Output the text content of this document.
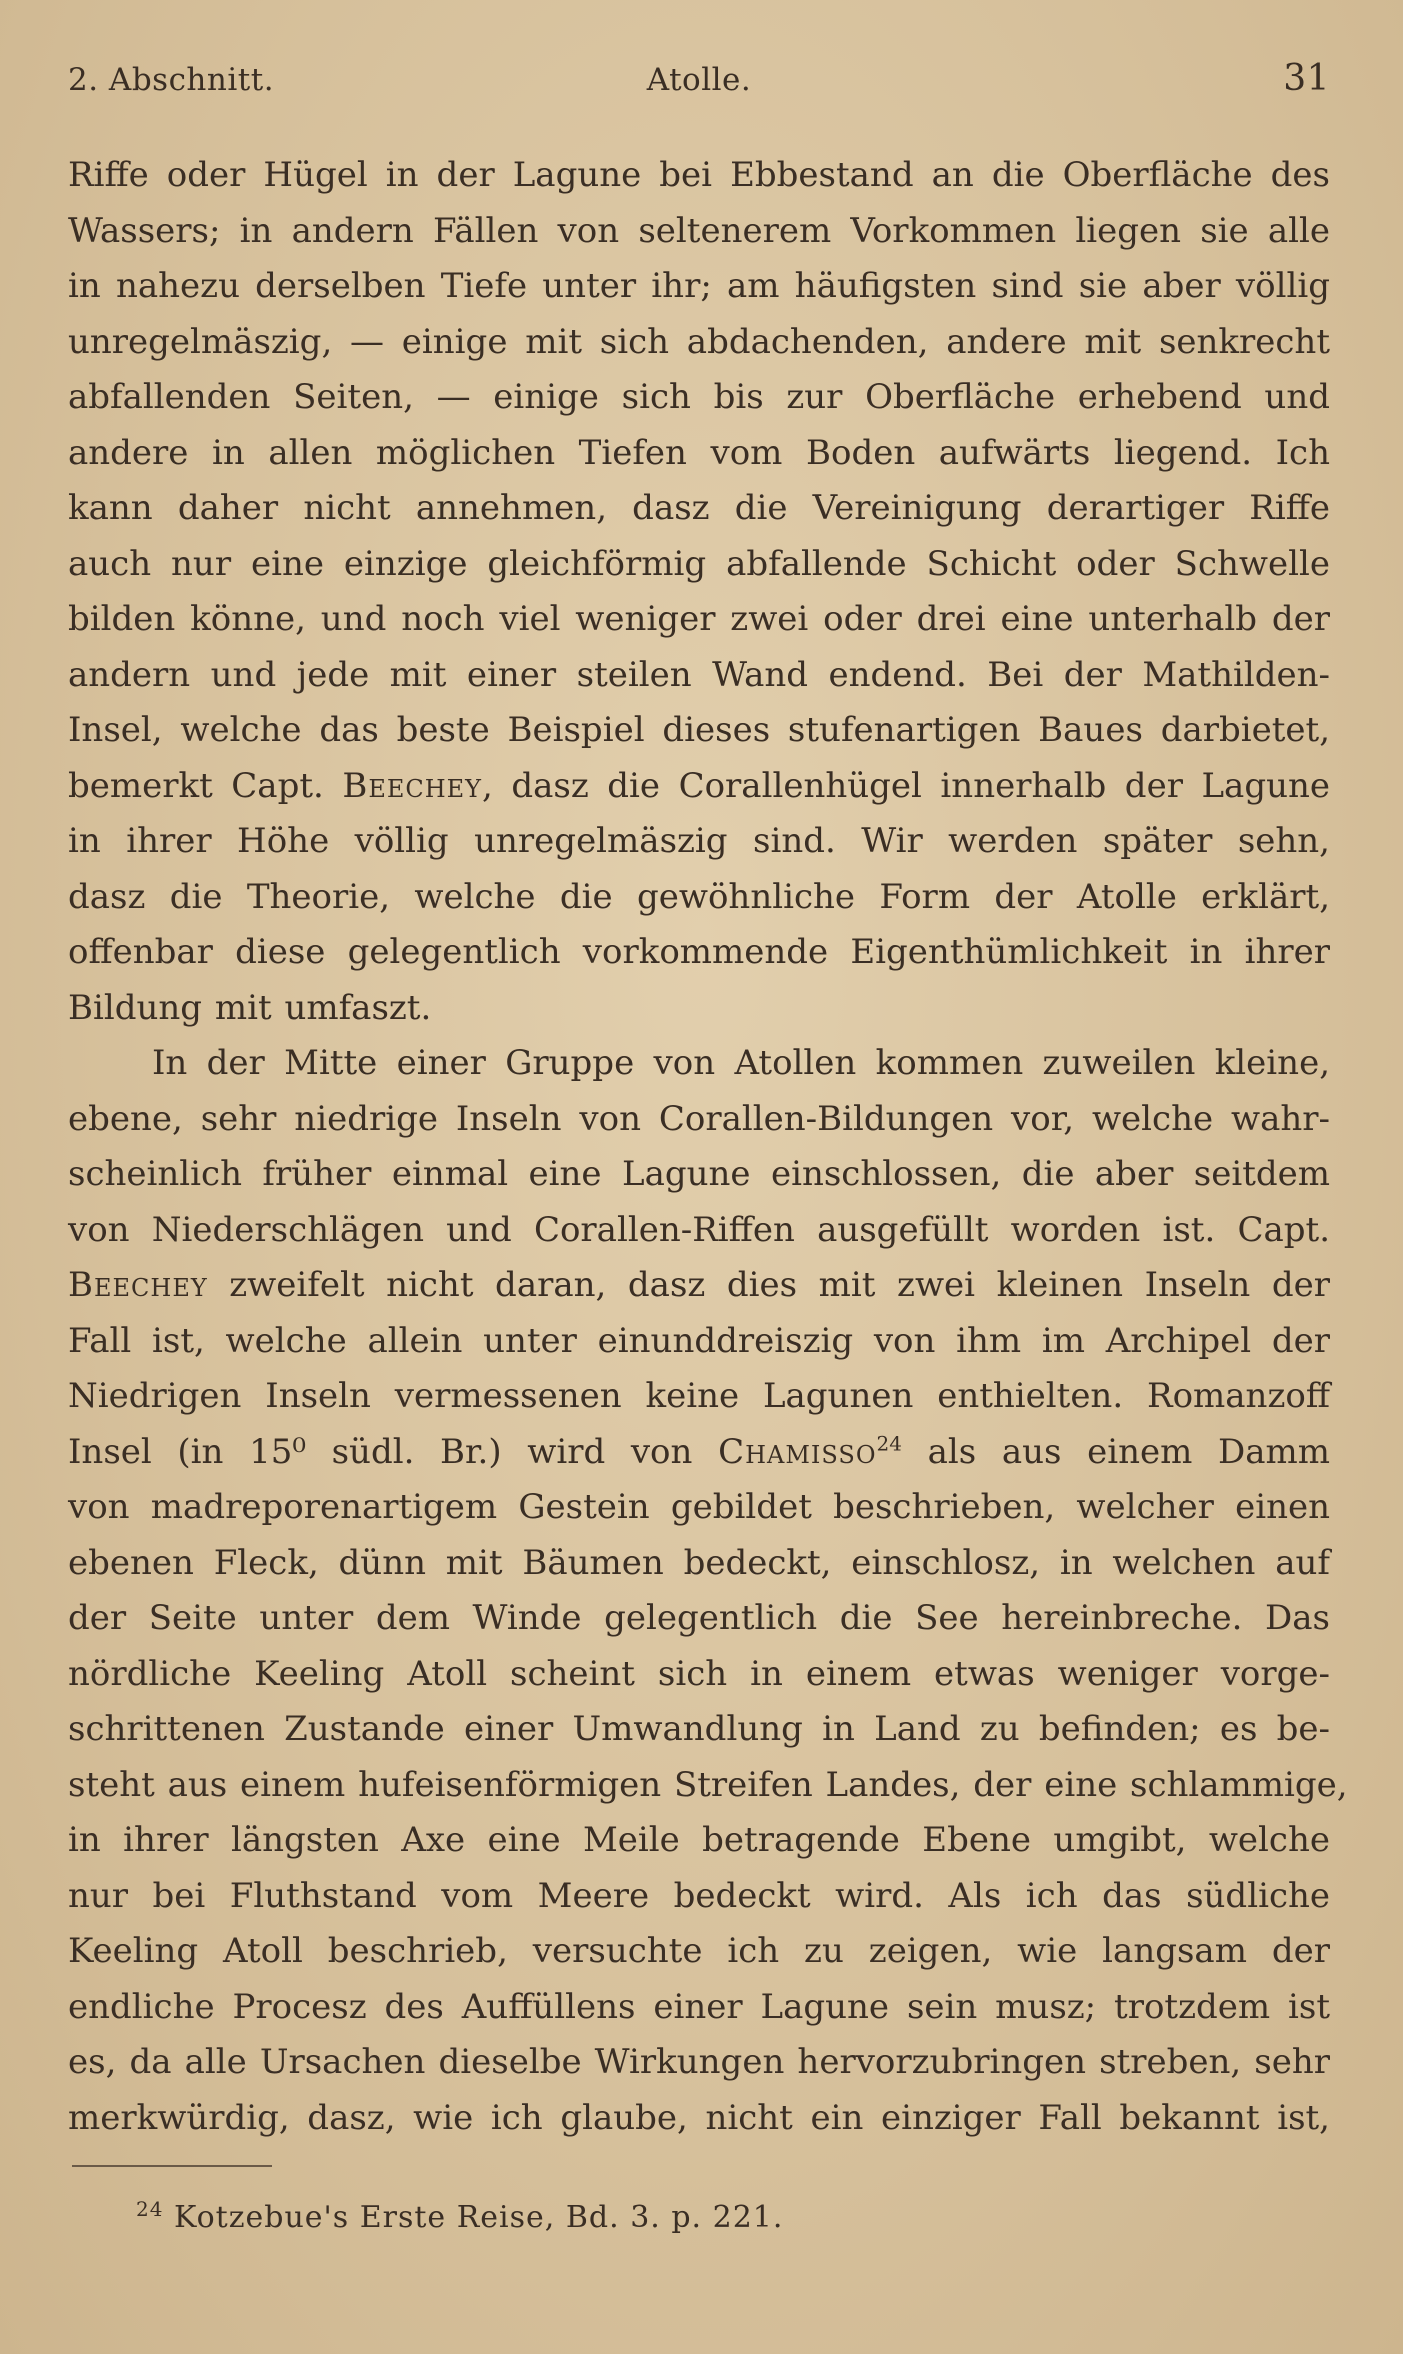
2. Abschnitt.	Atolle.	31
Riffe oder Hügel in der Lagune bei Ebbestand an die Oberfläche des
Wassers; in andern Fällen von seltenerem Vorkommen liegen sie alle
in nahezu derselben Tiefe unter ihr; am häufigsten sind sie aber völlig
unregelmäszig, — einige mit sich abdachenden, andere mit senkrecht
abfallenden Seiten, — einige sich bis zur Oberfläche erhebend und
andere in allen möglichen Tiefen vom Boden aufwärts liegend. Ich
kann daher nicht annehmen, dasz die Vereinigung derartiger Riffe
auch nur eine einzige gleichförmig abfallende Schicht oder Schwelle
bilden könne, und noch viel weniger zwei oder drei eine unterhalb der
andern und jede mit einer steilen Wand endend. Bei der Mathilden-
Insel, welche das beste Beispiel dieses stufenartigen Baues darbietet,
bemerkt Capt. Beechey, dasz die Corallenhügel innerhalb der Lagune
in ihrer Höhe völlig unregelmäszig sind. Wir werden später sehn,
dasz die Theorie, welche die gewöhnliche Form der Atolle erklärt,
offenbar diese gelegentlich vorkommende Eigenthümlichkeit in ihrer
Bildung mit umfaszt.
In der Mitte einer Gruppe von Atollen kommen zuweilen kleine,
ebene, sehr niedrige Inseln von Corallen-Bildungen vor, welche wahr-
scheinlich früher einmal eine Lagune einschlossen, die aber seitdem
von Niederschlägen und Corallen-Riffen ausgefüllt worden ist. Capt.
Beechey zweifelt nicht daran, dasz dies mit zwei kleinen Inseln der
Fall ist, welche allein unter einunddreiszig von ihm im Archipel der
Niedrigen Inseln vermessenen keine Lagunen enthielten. Romanzoff
Insel (in 15⁰ südl. Br.) wird von Chamisso$^{24}$ als aus einem Damm
von madreporenartigem Gestein gebildet beschrieben, welcher einen
ebenen Fleck, dünn mit Bäumen bedeckt, einschlosz, in welchen auf
der Seite unter dem Winde gelegentlich die See hereinbreche. Das
nördliche Keeling Atoll scheint sich in einem etwas weniger vorge-
schrittenen Zustande einer Umwandlung in Land zu befinden; es be-
steht aus einem hufeisenförmigen Streifen Landes, der eine schlammige,
in ihrer längsten Axe eine Meile betragende Ebene umgibt, welche
nur bei Fluthstand vom Meere bedeckt wird. Als ich das südliche
Keeling Atoll beschrieb, versuchte ich zu zeigen, wie langsam der
endliche Procesz des Auffüllens einer Lagune sein musz; trotzdem ist
es, da alle Ursachen dieselbe Wirkungen hervorzubringen streben, sehr
merkwürdig, dasz, wie ich glaube, nicht ein einziger Fall bekannt ist,
$^{24}$ Kotzebue's Erste Reise, Bd. 3. p. 221.
